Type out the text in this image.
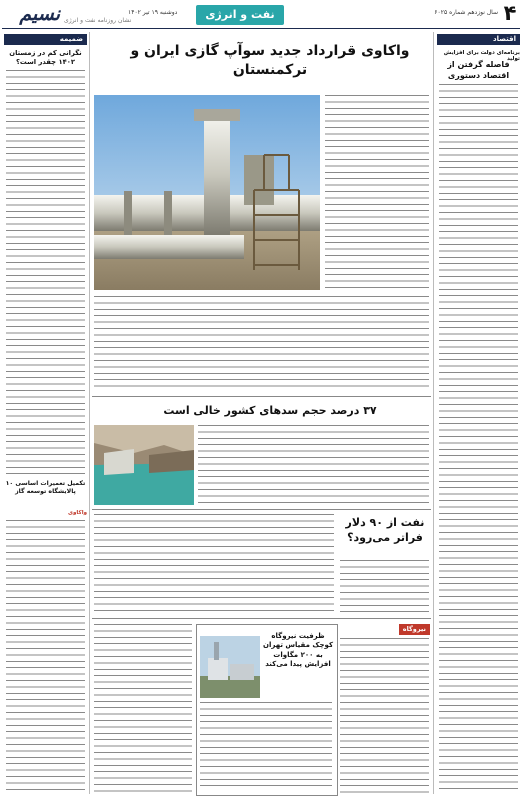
۴
سال نوزدهم شماره ۶۰۲۵
نفت و انرژی
دوشنبه ۱۹ تیر ۱۴۰۲
نشان روزنامه نفت و انرژی
نسیم
اقتصاد
برنامه‌ای دولت برای افزایش تولید
فاصله گرفتن از اقتصاد دستوری
ضمیمه
نگرانی کم در زمستان ۱۴۰۲ چقدر است؟
تکمیل تعمیرات اساسی ۱۰ پالایشگاه توسعه گاز
واکاوی
واکاوی قرارداد جدید سوآپ گازی ایران و ترکمنستان
۳۷ درصد حجم سدهای کشور خالی است
نفت از ۹۰ دلار فراتر می‌رود؟
نیروگاه
ظرفیت نیروگاه کوچک مقیاس تهران به ۲۰۰ مگاوات افزایش پیدا می‌کند
